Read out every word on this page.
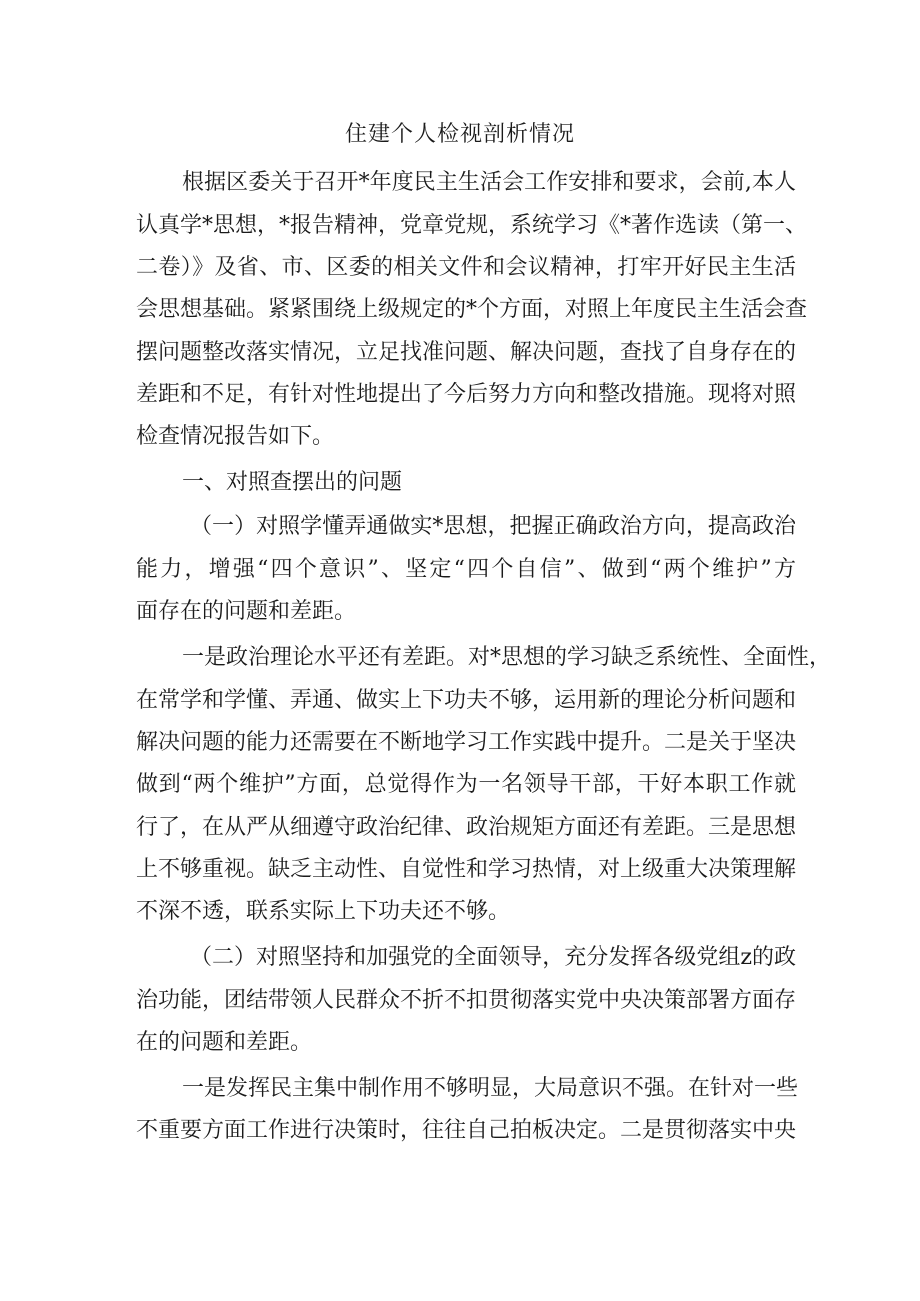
住建个人检视剖析情况
根据区委关于召开*年度民主生活会工作安排和要求，会前,本人
认真学*思想，*报告精神，党章党规，系统学习《*著作选读（第一、
二卷）》及省、市、区委的相关文件和会议精神，打牢开好民主生活
会思想基础。紧紧围绕上级规定的*个方面，对照上年度民主生活会查
摆问题整改落实情况，立足找准问题、解决问题，查找了自身存在的
差距和不足，有针对性地提出了今后努力方向和整改措施。现将对照
检查情况报告如下。
一、对照查摆出的问题
（一）对照学懂弄通做实*思想，把握正确政治方向，提高政治
能力，增强“四个意识”、坚定“四个自信”、做到“两个维护”方
面存在的问题和差距。
一是政治理论水平还有差距。对*思想的学习缺乏系统性、全面性，
在常学和学懂、弄通、做实上下功夫不够，运用新的理论分析问题和
解决问题的能力还需要在不断地学习工作实践中提升。二是关于坚决
做到“两个维护”方面，总觉得作为一名领导干部，干好本职工作就
行了，在从严从细遵守政治纪律、政治规矩方面还有差距。三是思想
上不够重视。缺乏主动性、自觉性和学习热情，对上级重大决策理解
不深不透，联系实际上下功夫还不够。
（二）对照坚持和加强党的全面领导，充分发挥各级党组z的政
治功能，团结带领人民群众不折不扣贯彻落实党中央决策部署方面存
在的问题和差距。
一是发挥民主集中制作用不够明显，大局意识不强。在针对一些
不重要方面工作进行决策时，往往自己拍板决定。二是贯彻落实中央
